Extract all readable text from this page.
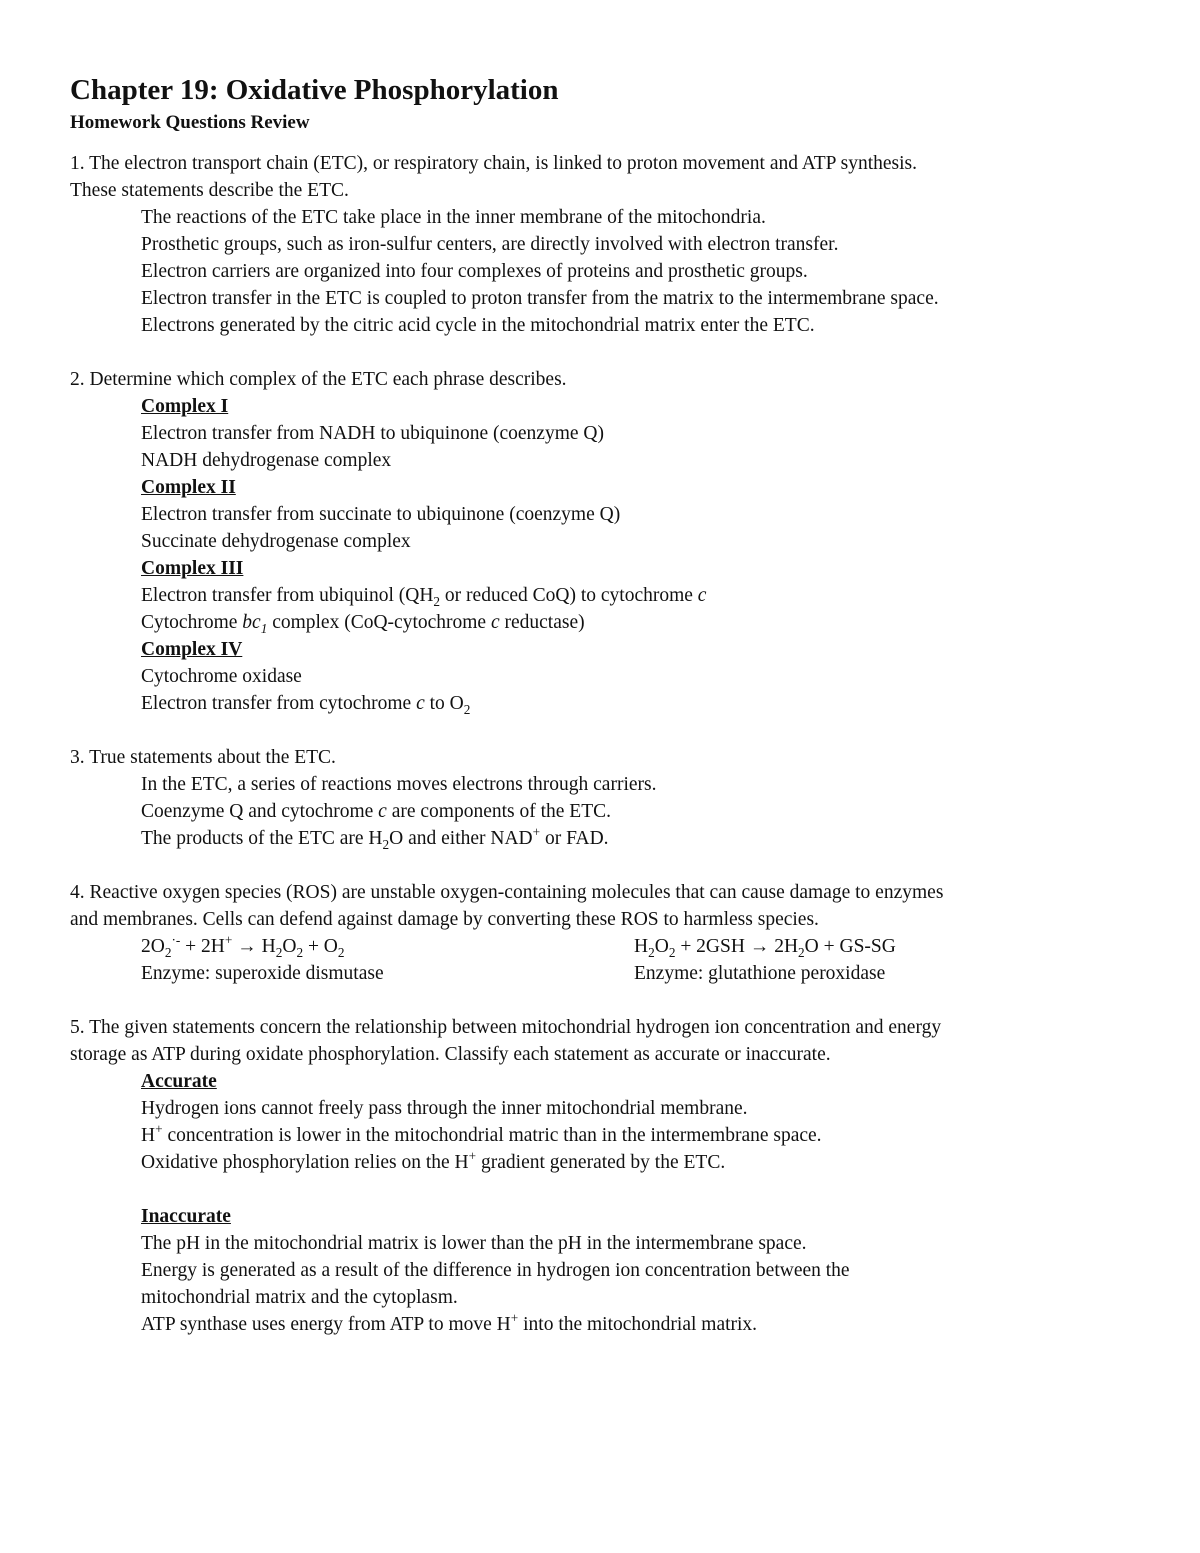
Chapter 19: Oxidative Phosphorylation
Homework Questions Review
1. The electron transport chain (ETC), or respiratory chain, is linked to proton movement and ATP synthesis.
These statements describe the ETC.
The reactions of the ETC take place in the inner membrane of the mitochondria.
Prosthetic groups, such as iron-sulfur centers, are directly involved with electron transfer.
Electron carriers are organized into four complexes of proteins and prosthetic groups.
Electron transfer in the ETC is coupled to proton transfer from the matrix to the intermembrane space.
Electrons generated by the citric acid cycle in the mitochondrial matrix enter the ETC.
2. Determine which complex of the ETC each phrase describes.
Complex I
Electron transfer from NADH to ubiquinone (coenzyme Q)
NADH dehydrogenase complex
Complex II
Electron transfer from succinate to ubiquinone (coenzyme Q)
Succinate dehydrogenase complex
Complex III
Electron transfer from ubiquinol ($QH_2$ or reduced CoQ) to cytochrome c
Cytochrome $bc_1$ complex (CoQ-cytochrome c reductase)
Complex IV
Cytochrome oxidase
Electron transfer from cytochrome c to $O_2$
3. True statements about the ETC.
In the ETC, a series of reactions moves electrons through carriers.
Coenzyme Q and cytochrome c are components of the ETC.
The products of the ETC are $H_2O$ and either NAD+ or FAD.
4. Reactive oxygen species (ROS) are unstable oxygen-containing molecules that can cause damage to enzymes
and membranes. Cells can defend against damage by converting these ROS to harmless species.
$2O_2^{\cdot-} + 2H^+ \to H_2O_2 + O_2$	$H_2O_2 + 2GSH \to 2H_2O + GS-SG$
Enzyme: superoxide dismutase	Enzyme: glutathione peroxidase
5. The given statements concern the relationship between mitochondrial hydrogen ion concentration and energy
storage as ATP during oxidate phosphorylation. Classify each statement as accurate or inaccurate.
Accurate
Hydrogen ions cannot freely pass through the inner mitochondrial membrane.
H+ concentration is lower in the mitochondrial matric than in the intermembrane space.
Oxidative phosphorylation relies on the H+ gradient generated by the ETC.
Inaccurate
The pH in the mitochondrial matrix is lower than the pH in the intermembrane space.
Energy is generated as a result of the difference in hydrogen ion concentration between the
mitochondrial matrix and the cytoplasm.
ATP synthase uses energy from ATP to move H+ into the mitochondrial matrix.
